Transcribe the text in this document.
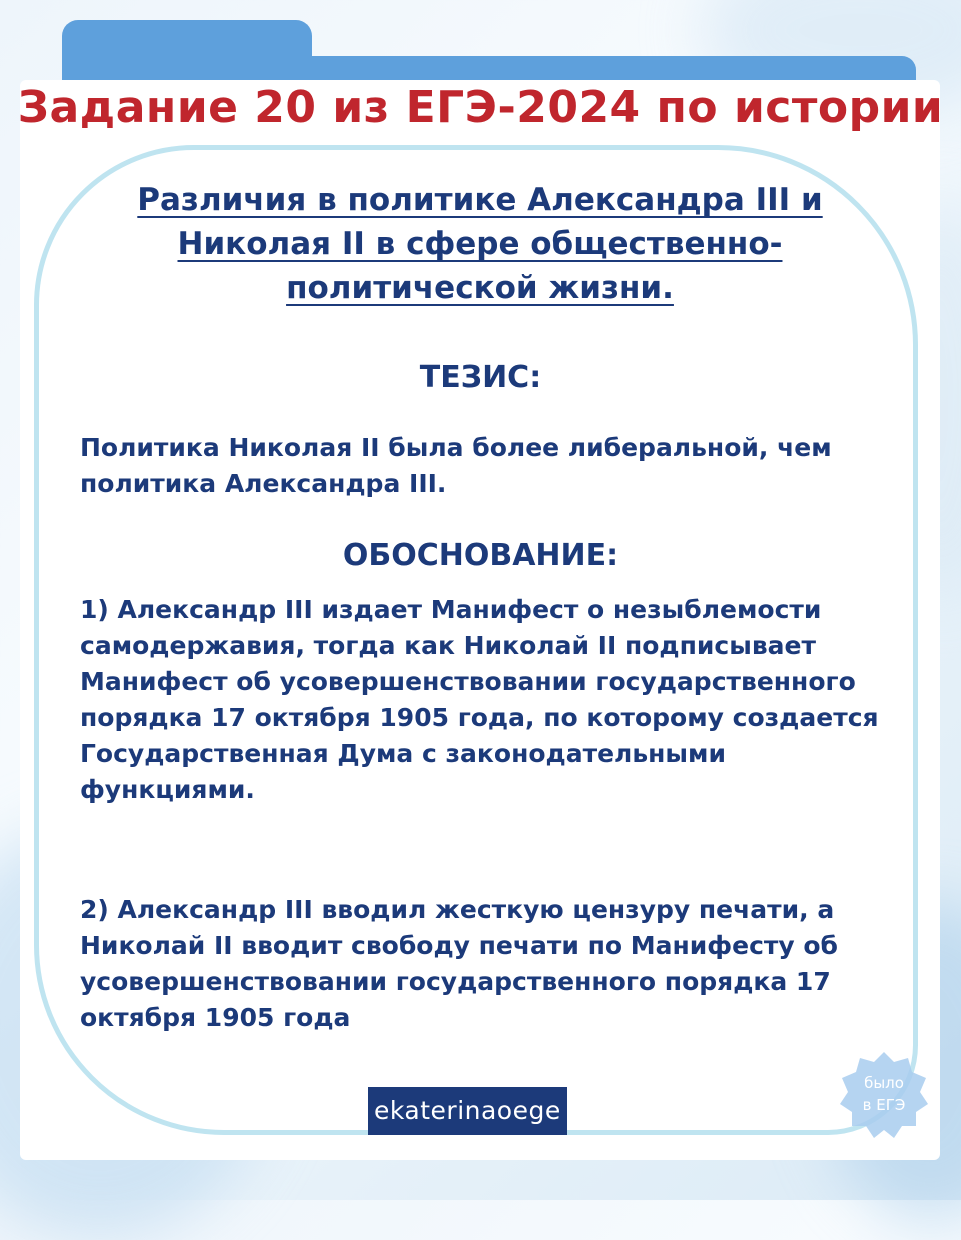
Задание 20 из ЕГЭ-2024 по истории
Различия в политике Александра III и Николая II в сфере общественно-политической жизни.
ТЕЗИС:

Политика Николая II была более либеральной, чем политика Александра III.

ОБОСНОВАНИЕ:

1) Александр III издает Манифест о незыблемости самодержавия, тогда как Николай II подписывает Манифест об усовершенствовании государственного порядка 17 октября 1905 года, по которому создается Государственная Дума с законодательными функциями.

2) Александр III вводил жесткую цензуру печати, а Николай II вводит свободу печати по Манифесту об усовершенствовании государственного порядка 17 октября 1905 года

ekaterinaoege
было
в ЕГЭ
